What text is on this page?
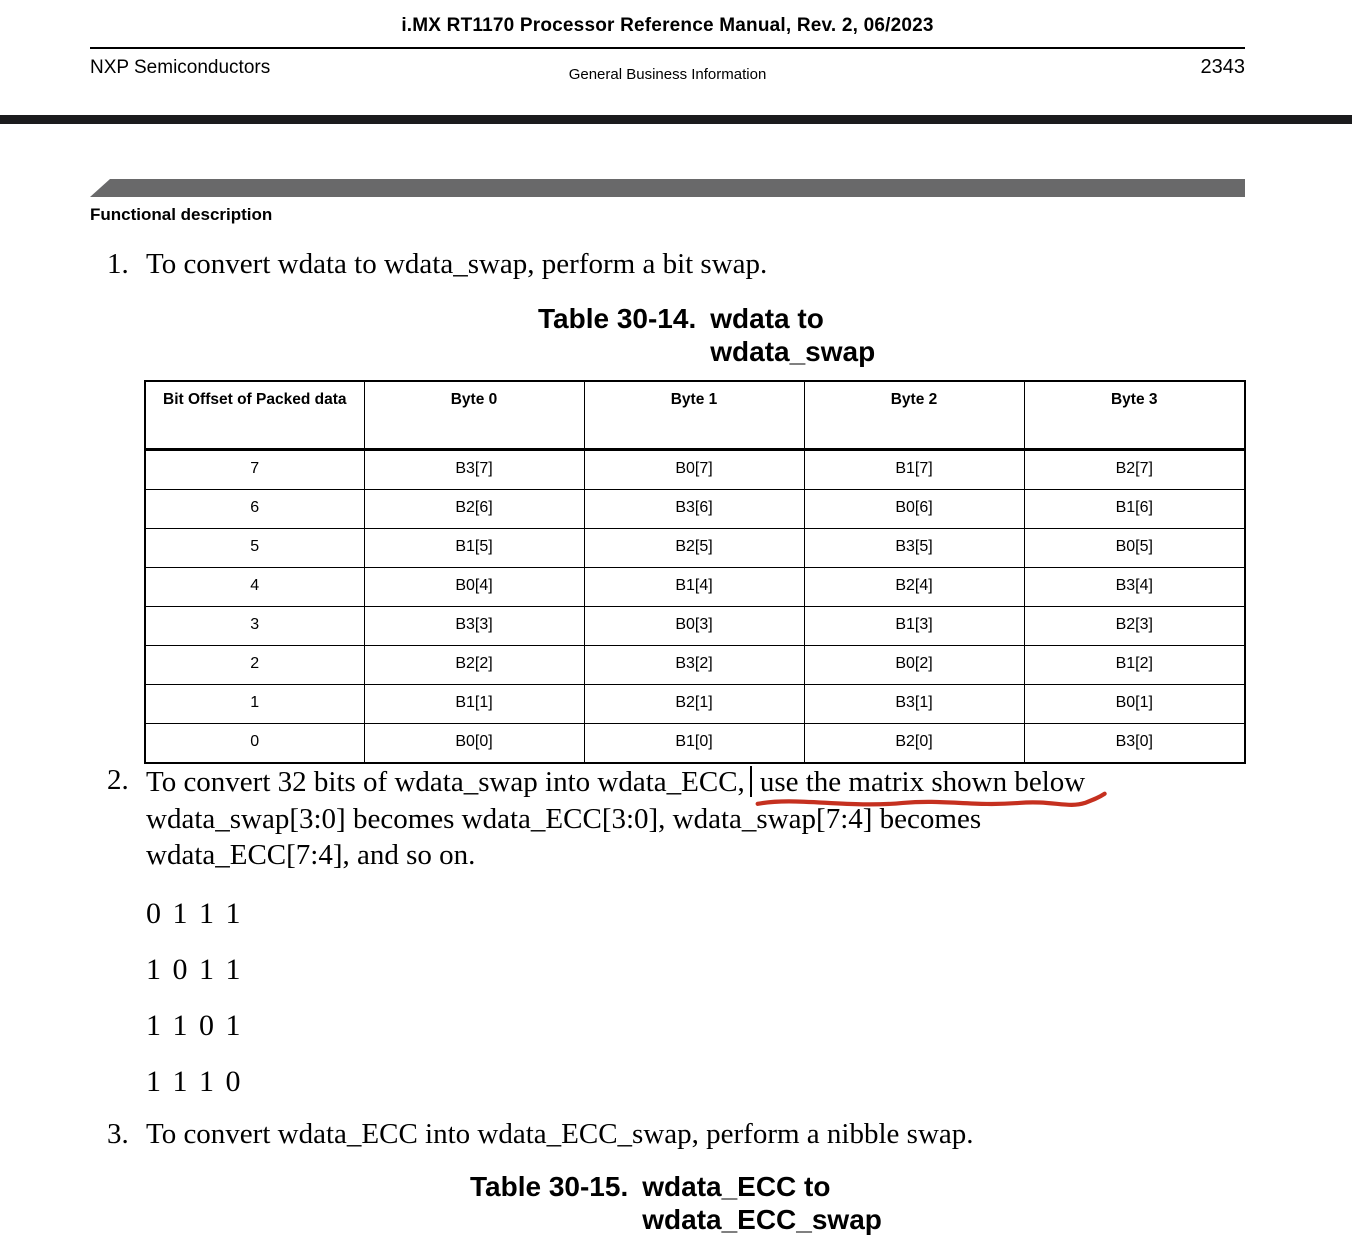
i.MX RT1170 Processor Reference Manual, Rev. 2, 06/2023
NXP Semiconductors	General Business Information	2343
Functional description
1. To convert wdata to wdata_swap, perform a bit swap.
Table 30-14. wdata to
wdata_swap
Bit Offset of Packed data	Byte 0	Byte 1	Byte 2	Byte 3
7	B3[7]	B0[7]	B1[7]	B2[7]
6	B2[6]	B3[6]	B0[6]	B1[6]
5	B1[5]	B2[5]	B3[5]	B0[5]
4	B0[4]	B1[4]	B2[4]	B3[4]
3	B3[3]	B0[3]	B1[3]	B2[3]
2	B2[2]	B3[2]	B0[2]	B1[2]
1	B1[1]	B2[1]	B3[1]	B0[1]
0	B0[0]	B1[0]	B2[0]	B3[0]
2. To convert 32 bits of wdata_swap into wdata_ECC, use the matrix shown below
wdata_swap[3:0] becomes wdata_ECC[3:0], wdata_swap[7:4] becomes
wdata_ECC[7:4], and so on.
0 1 1 1
1 0 1 1
1 1 0 1
1 1 1 0
3. To convert wdata_ECC into wdata_ECC_swap, perform a nibble swap.
Table 30-15. wdata_ECC to
wdata_ECC_swap
